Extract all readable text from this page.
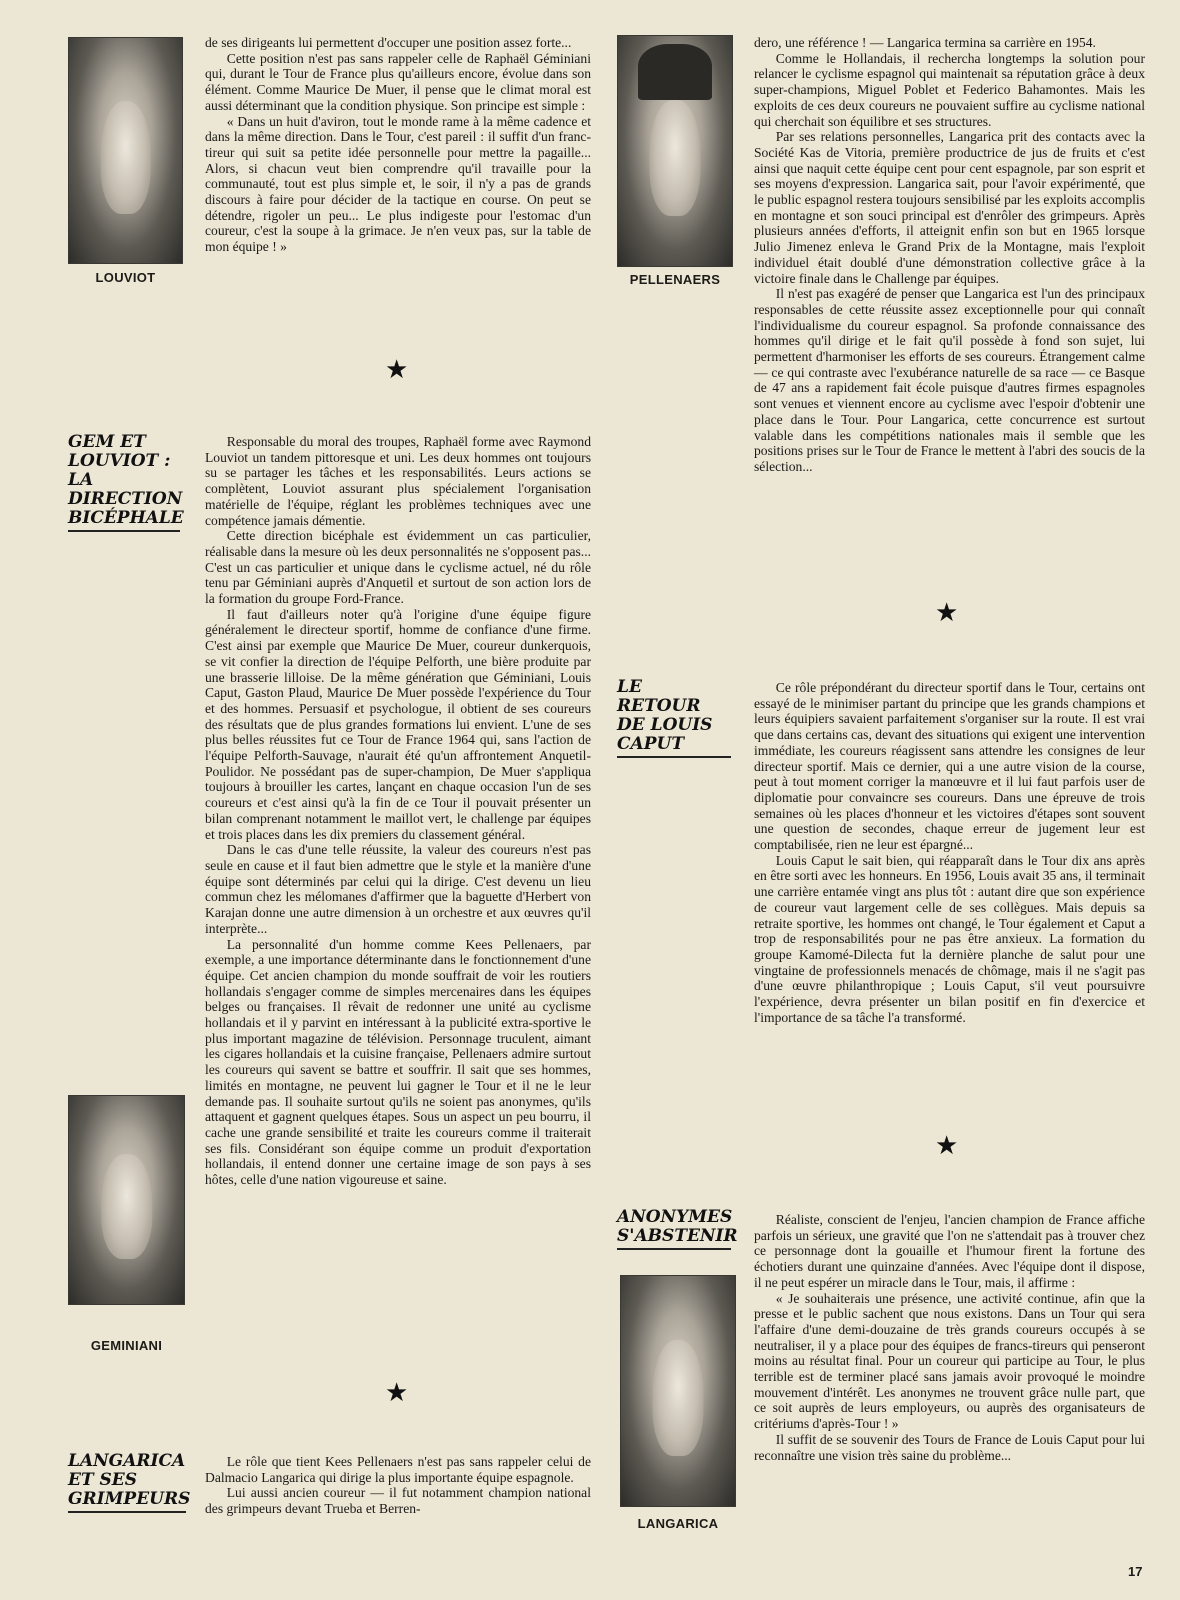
LOUVIOT
GEMINIANI
GEM ET LOUVIOT : LA DIRECTION BICÉPHALE
LANGARICA ET SES GRIMPEURS

de ses dirigeants lui permettent d'occuper une position assez forte...

Cette position n'est pas sans rappeler celle de Raphaël Géminiani qui, durant le Tour de France plus qu'ailleurs encore, évolue dans son élément. Comme Maurice De Muer, il pense que le climat moral est aussi déterminant que la condition physique. Son principe est simple :

« Dans un huit d'aviron, tout le monde rame à la même cadence et dans la même direction. Dans le Tour, c'est pareil : il suffit d'un franc-tireur qui suit sa petite idée personnelle pour mettre la pagaille... Alors, si chacun veut bien comprendre qu'il travaille pour la communauté, tout est plus simple et, le soir, il n'y a pas de grands discours à faire pour décider de la tactique en course. On peut se détendre, rigoler un peu... Le plus indigeste pour l'estomac d'un coureur, c'est la soupe à la grimace. Je n'en veux pas, sur la table de mon équipe ! »

★

Responsable du moral des troupes, Raphaël forme avec Raymond Louviot un tandem pittoresque et uni. Les deux hommes ont toujours su se partager les tâches et les responsabilités. Leurs actions se complètent, Louviot assurant plus spécialement l'organisation matérielle de l'équipe, réglant les problèmes techniques avec une compétence jamais démentie.

Cette direction bicéphale est évidemment un cas particulier, réalisable dans la mesure où les deux personnalités ne s'opposent pas... C'est un cas particulier et unique dans le cyclisme actuel, né du rôle tenu par Géminiani auprès d'Anquetil et surtout de son action lors de la formation du groupe Ford-France.

Il faut d'ailleurs noter qu'à l'origine d'une équipe figure généralement le directeur sportif, homme de confiance d'une firme. C'est ainsi par exemple que Maurice De Muer, coureur dunkerquois, se vit confier la direction de l'équipe Pelforth, une bière produite par une brasserie lilloise. De la même génération que Géminiani, Louis Caput, Gaston Plaud, Maurice De Muer possède l'expérience du Tour et des hommes. Persuasif et psychologue, il obtient de ses coureurs des résultats que de plus grandes formations lui envient. L'une de ses plus belles réussites fut ce Tour de France 1964 qui, sans l'action de l'équipe Pelforth-Sauvage, n'aurait été qu'un affrontement Anquetil-Poulidor. Ne possédant pas de super-champion, De Muer s'appliqua toujours à brouiller les cartes, lançant en chaque occasion l'un de ses coureurs et c'est ainsi qu'à la fin de ce Tour il pouvait présenter un bilan comprenant notamment le maillot vert, le challenge par équipes et trois places dans les dix premiers du classement général.

Dans le cas d'une telle réussite, la valeur des coureurs n'est pas seule en cause et il faut bien admettre que le style et la manière d'une équipe sont déterminés par celui qui la dirige. C'est devenu un lieu commun chez les mélomanes d'affirmer que la baguette d'Herbert von Karajan donne une autre dimension à un orchestre et aux œuvres qu'il interprète...

La personnalité d'un homme comme Kees Pellenaers, par exemple, a une importance déterminante dans le fonctionnement d'une équipe. Cet ancien champion du monde souffrait de voir les routiers hollandais s'engager comme de simples mercenaires dans les équipes belges ou françaises. Il rêvait de redonner une unité au cyclisme hollandais et il y parvint en intéressant à la publicité extra-sportive le plus important magazine de télévision. Personnage truculent, aimant les cigares hollandais et la cuisine française, Pellenaers admire surtout les coureurs qui savent se battre et souffrir. Il sait que ses hommes, limités en montagne, ne peuvent lui gagner le Tour et il ne le leur demande pas. Il souhaite surtout qu'ils ne soient pas anonymes, qu'ils attaquent et gagnent quelques étapes. Sous un aspect un peu bourru, il cache une grande sensibilité et traite les coureurs comme il traiterait ses fils. Considérant son équipe comme un produit d'exportation hollandais, il entend donner une certaine image de son pays à ses hôtes, celle d'une nation vigoureuse et saine.

★

Le rôle que tient Kees Pellenaers n'est pas sans rappeler celui de Dalmacio Langarica qui dirige la plus importante équipe espagnole.

Lui aussi ancien coureur — il fut notamment champion national des grimpeurs devant Trueba et Berren-

PELLENAERS
LE RETOUR DE LOUIS CAPUT
ANONYMES S'ABSTENIR
LANGARICA

dero, une référence ! — Langarica termina sa carrière en 1954.

Comme le Hollandais, il rechercha longtemps la solution pour relancer le cyclisme espagnol qui maintenait sa réputation grâce à deux super-champions, Miguel Poblet et Federico Bahamontes. Mais les exploits de ces deux coureurs ne pouvaient suffire au cyclisme national qui cherchait son équilibre et ses structures.

Par ses relations personnelles, Langarica prit des contacts avec la Société Kas de Vitoria, première productrice de jus de fruits et c'est ainsi que naquit cette équipe cent pour cent espagnole, par son esprit et ses moyens d'expression. Langarica sait, pour l'avoir expérimenté, que le public espagnol restera toujours sensibilisé par les exploits accomplis en montagne et son souci principal est d'enrôler des grimpeurs. Après plusieurs années d'efforts, il atteignit enfin son but en 1965 lorsque Julio Jimenez enleva le Grand Prix de la Montagne, mais l'exploit individuel était doublé d'une démonstration collective grâce à la victoire finale dans le Challenge par équipes.

Il n'est pas exagéré de penser que Langarica est l'un des principaux responsables de cette réussite assez exceptionnelle pour qui connaît l'individualisme du coureur espagnol. Sa profonde connaissance des hommes qu'il dirige et le fait qu'il possède à fond son sujet, lui permettent d'harmoniser les efforts de ses coureurs. Étrangement calme — ce qui contraste avec l'exubérance naturelle de sa race — ce Basque de 47 ans a rapidement fait école puisque d'autres firmes espagnoles sont venues et viennent encore au cyclisme avec l'espoir d'obtenir une place dans le Tour. Pour Langarica, cette concurrence est surtout valable dans les compétitions nationales mais il semble que les positions prises sur le Tour de France le mettent à l'abri des soucis de la sélection...

★

Ce rôle prépondérant du directeur sportif dans le Tour, certains ont essayé de le minimiser partant du principe que les grands champions et leurs équipiers savaient parfaitement s'organiser sur la route. Il est vrai que dans certains cas, devant des situations qui exigent une intervention immédiate, les coureurs réagissent sans attendre les consignes de leur directeur sportif. Mais ce dernier, qui a une autre vision de la course, peut à tout moment corriger la manœuvre et il lui faut parfois user de diplomatie pour convaincre ses coureurs. Dans une épreuve de trois semaines où les places d'honneur et les victoires d'étapes sont souvent une question de secondes, chaque erreur de jugement leur est comptabilisée, rien ne leur est épargné...

Louis Caput le sait bien, qui réapparaît dans le Tour dix ans après en être sorti avec les honneurs. En 1956, Louis avait 35 ans, il terminait une carrière entamée vingt ans plus tôt : autant dire que son expérience de coureur vaut largement celle de ses collègues. Mais depuis sa retraite sportive, les hommes ont changé, le Tour également et Caput a trop de responsabilités pour ne pas être anxieux. La formation du groupe Kamomé-Dilecta fut la dernière planche de salut pour une vingtaine de professionnels menacés de chômage, mais il ne s'agit pas d'une œuvre philanthropique ; Louis Caput, s'il veut poursuivre l'expérience, devra présenter un bilan positif en fin d'exercice et l'importance de sa tâche l'a transformé.

★

Réaliste, conscient de l'enjeu, l'ancien champion de France affiche parfois un sérieux, une gravité que l'on ne s'attendait pas à trouver chez ce personnage dont la gouaille et l'humour firent la fortune des échotiers durant une quinzaine d'années. Avec l'équipe dont il dispose, il ne peut espérer un miracle dans le Tour, mais, il affirme :

« Je souhaiterais une présence, une activité continue, afin que la presse et le public sachent que nous existons. Dans un Tour qui sera l'affaire d'une demi-douzaine de très grands coureurs occupés à se neutraliser, il y a place pour des équipes de francs-tireurs qui penseront moins au résultat final. Pour un coureur qui participe au Tour, le plus terrible est de terminer placé sans jamais avoir provoqué le moindre mouvement d'intérêt. Les anonymes ne trouvent grâce nulle part, que ce soit auprès de leurs employeurs, ou auprès des organisateurs de critériums d'après-Tour ! »

Il suffit de se souvenir des Tours de France de Louis Caput pour lui reconnaître une vision très saine du problème...

17
